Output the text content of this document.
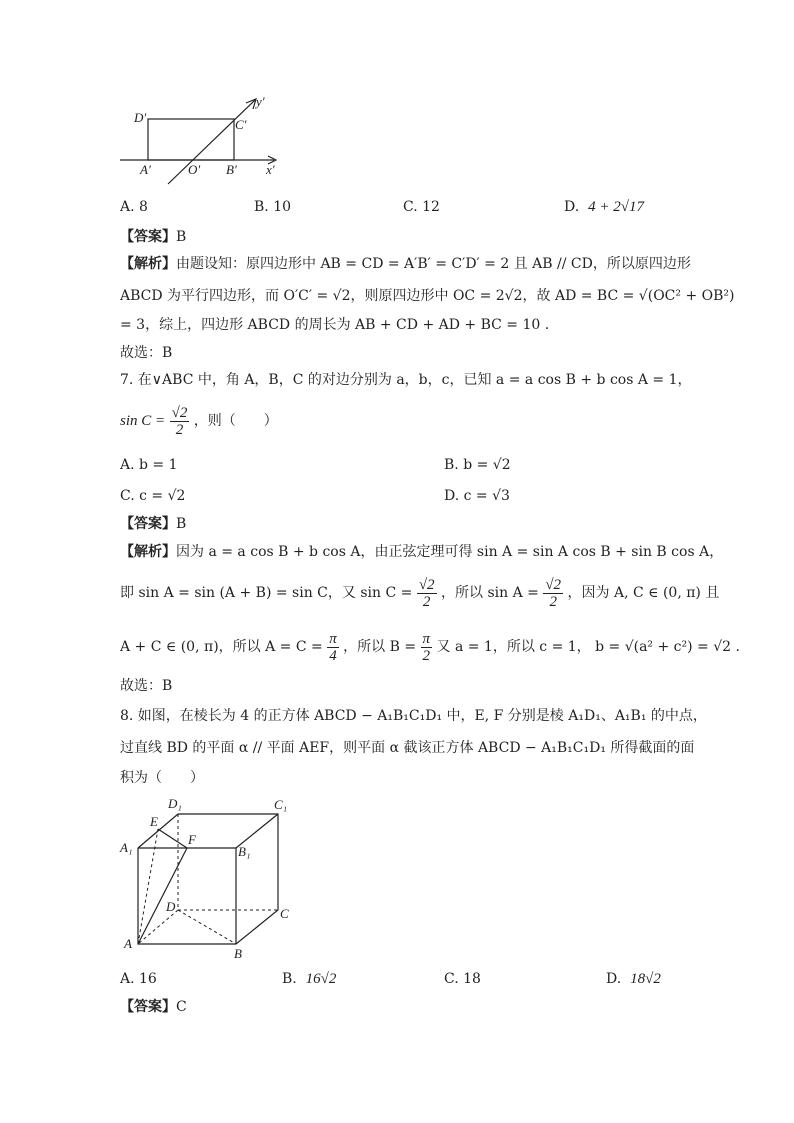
D′	C′
y′
A′	O′ B′ x′
A. 8	B. 10	C. 12	D. 4 + 2√17
【答案】B
【解析】由题设知：原四边形中 AB = CD = A′B′ = C′D′ = 2 且 AB // CD，所以原四边形
ABCD 为平行四边形，而 O′C′ = √2，则原四边形中 OC = 2√2，故 AD = BC = √(OC² + OB²)
= 3，综上，四边形 ABCD 的周长为 AB + CD + AD + BC = 10 .
故选：B
7. 在∨ABC 中，角 A，B，C 的对边分别为 a，b，c，已知 a = a cos B + b cos A = 1，
$\sin C = \frac{√2}{2}$ ，则（　　）
A. b = 1	B. b = √2
C. c = √2	D. c = √3
【答案】B
【解析】因为 a = a cos B + b cos A，由正弦定理可得 sin A = sin A cos B + sin B cos A，
即 sin A = sin (A + B) = sin C，又 $\sin C = \frac{√2}{2}$ ，所以 $\sin A = \frac{√2}{2}$ ，因为 A, C ∈ (0, π) 且
A + C ∈ (0, π)，所以 $A = C = \frac{\pi}{4}$ ，所以 $B = \frac{\pi}{2}$ 又 a = 1，所以 c = 1， b = √(a² + c²) = √2 .
故选：B
8. 如图，在棱长为 4 的正方体 ABCD − A₁B₁C₁D₁ 中，E, F 分别是棱 A₁D₁、A₁B₁ 的中点，
过直线 BD 的平面 α // 平面 AEF，则平面 α 截该正方体 ABCD − A₁B₁C₁D₁ 所得截面的面
积为（　　）
D₁	C₁
E
A₁
F
B₁
D	C
A
B
A. 16	B. 16√2	C. 18	D. 18√2
【答案】C
